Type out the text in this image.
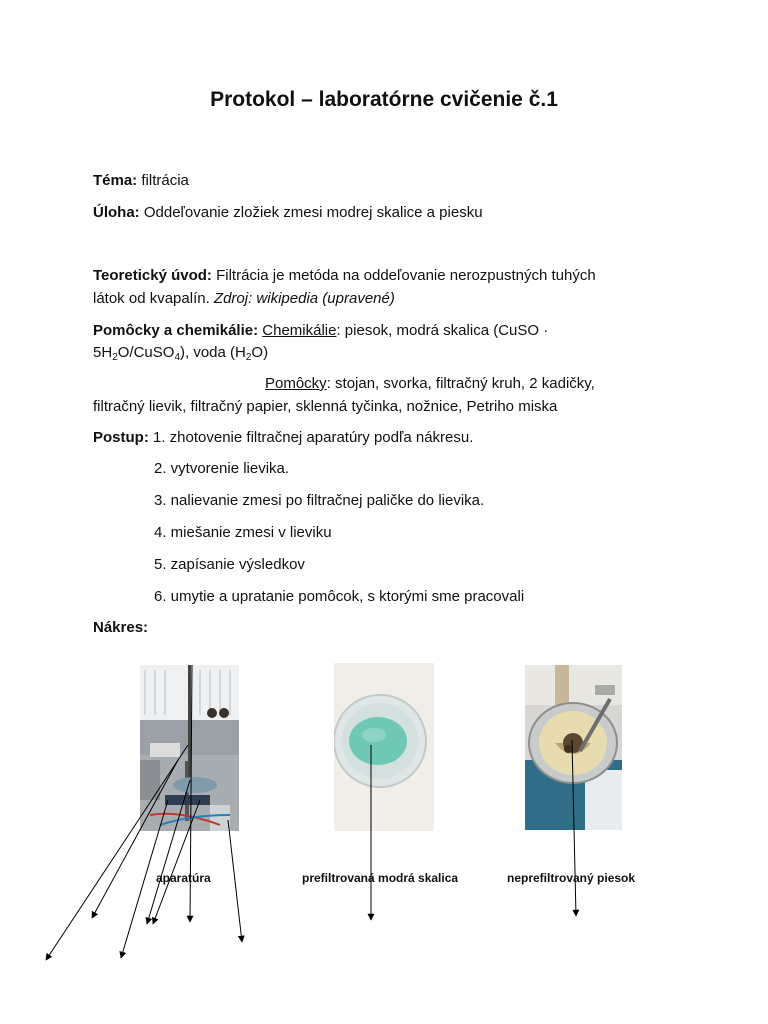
Protokol – laboratórne cvičenie č.1
Téma: filtrácia
Úloha: Oddeľovanie zložiek zmesi modrej skalice a piesku
Teoretický úvod: Filtrácia je metóda na oddeľovanie nerozpustných tuhých
látok od kvapalín. Zdroj: wikipedia (upravené)
Pomôcky a chemikálie: Chemikálie: piesok, modrá skalica (CuSO ·
$5H_2O/CuSO_4$), voda $(H_2O)$
Pomôcky: stojan, svorka, filtračný kruh, 2 kadičky,
filtračný lievik, filtračný papier, sklenná tyčinka, nožnice, Petriho miska
Postup: 1. zhotovenie filtračnej aparatúry podľa nákresu.
2. vytvorenie lievika.
3. nalievanie zmesi po filtračnej paličke do lievika.
4. miešanie zmesi v lieviku
5. zapísanie výsledkov
6. umytie a upratanie pomôcok, s ktorými sme pracovali
Nákres:
aparatúra	prefiltrovaná modrá skalica	neprefiltrovaný piesok
